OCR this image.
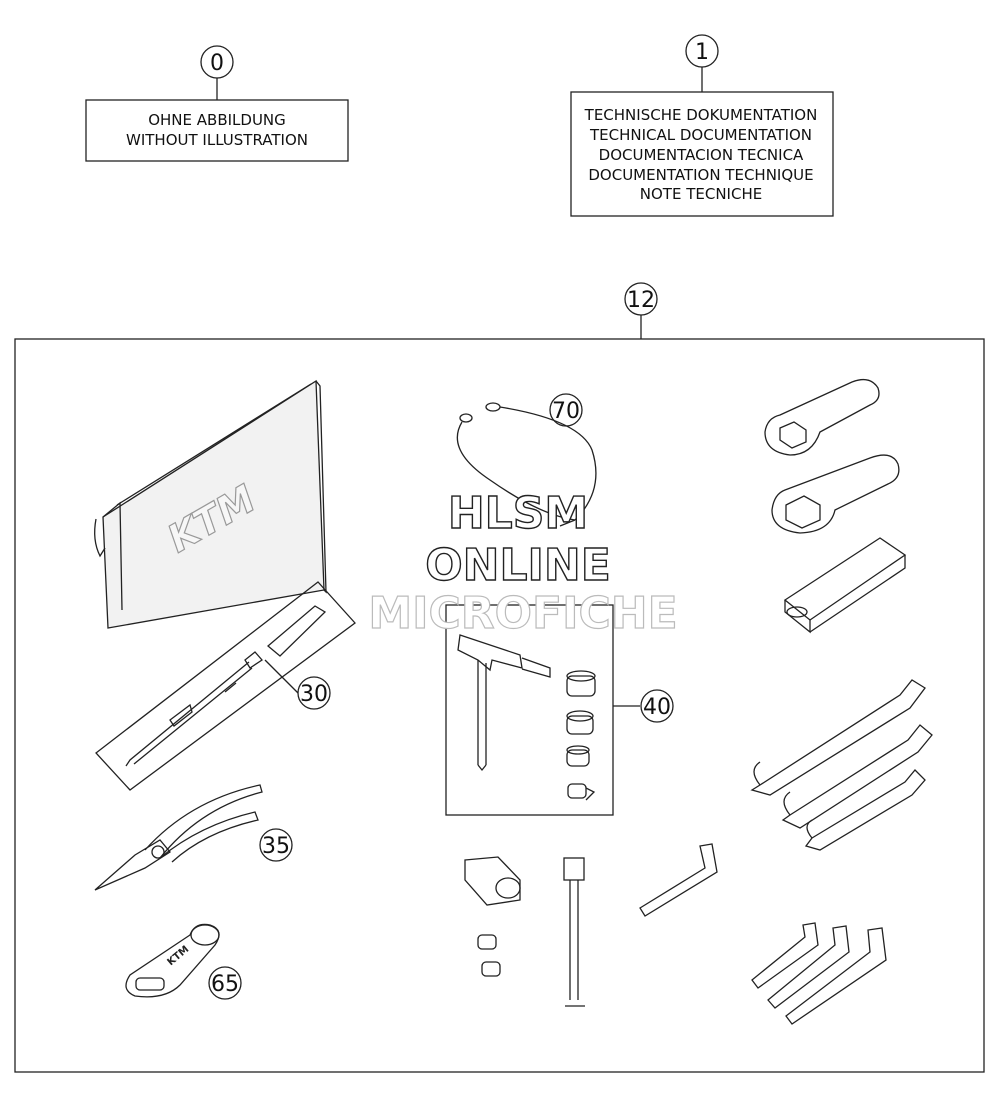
0
OHNE ABBILDUNG
WITHOUT ILLUSTRATION
1
TECHNISCHE DOKUMENTATION
TECHNICAL DOCUMENTATION
DOCUMENTACION TECNICA
DOCUMENTATION TECHNIQUE
NOTE TECNICHE
12
KTM
70
30
35
KTM
65
40
HLSM
ONLINE
MICROFICHE
